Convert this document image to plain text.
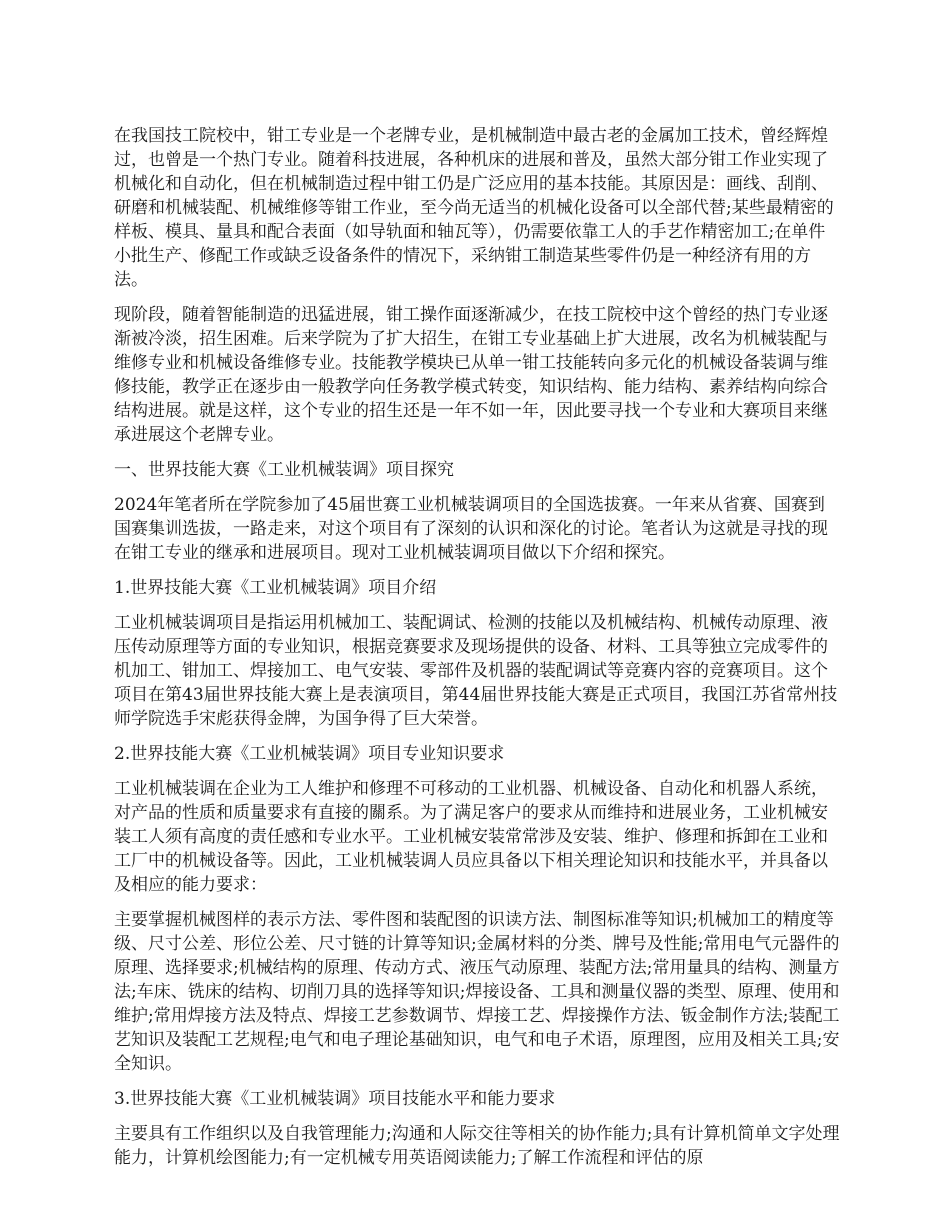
在我国技工院校中，钳工专业是一个老牌专业，是机械制造中最古老的金属加工技术，曾经辉煌过，也曾是一个热门专业。随着科技进展，各种机床的进展和普及，虽然大部分钳工作业实现了机械化和自动化，但在机械制造过程中钳工仍是广泛应用的基本技能。其原因是：画线、刮削、研磨和机械装配、机械维修等钳工作业，至今尚无适当的机械化设备可以全部代替;某些最精密的样板、模具、量具和配合表面（如导轨面和轴瓦等），仍需要依靠工人的手艺作精密加工;在单件小批生产、修配工作或缺乏设备条件的情况下，采纳钳工制造某些零件仍是一种经济有用的方法。

现阶段，随着智能制造的迅猛进展，钳工操作面逐渐减少，在技工院校中这个曾经的热门专业逐渐被冷淡，招生困难。后来学院为了扩大招生，在钳工专业基础上扩大进展，改名为机械装配与维修专业和机械设备维修专业。技能教学模块已从单一钳工技能转向多元化的机械设备装调与维修技能，教学正在逐步由一般教学向任务教学模式转变，知识结构、能力结构、素养结构向综合结构进展。就是这样，这个专业的招生还是一年不如一年，因此要寻找一个专业和大赛项目来继承进展这个老牌专业。

一、世界技能大赛《工业机械装调》项目探究

2024年笔者所在学院参加了45届世赛工业机械装调项目的全国选拔赛。一年来从省赛、国赛到国赛集训选拔，一路走来，对这个项目有了深刻的认识和深化的讨论。笔者认为这就是寻找的现在钳工专业的继承和进展项目。现对工业机械装调项目做以下介绍和探究。

1.世界技能大赛《工业机械装调》项目介绍

工业机械装调项目是指运用机械加工、装配调试、检测的技能以及机械结构、机械传动原理、液压传动原理等方面的专业知识，根据竞赛要求及现场提供的设备、材料、工具等独立完成零件的机加工、钳加工、焊接加工、电气安装、零部件及机器的装配调试等竞赛内容的竞赛项目。这个项目在第43届世界技能大赛上是表演项目，第44届世界技能大赛是正式项目，我国江苏省常州技师学院选手宋彪获得金牌，为国争得了巨大荣誉。

2.世界技能大赛《工业机械装调》项目专业知识要求

工业机械装调在企业为工人维护和修理不可移动的工业机器、机械设备、自动化和机器人系统，对产品的性质和质量要求有直接的關系。为了满足客户的要求从而维持和进展业务，工业机械安装工人须有高度的责任感和专业水平。工业机械安装常常涉及安装、维护、修理和拆卸在工业和工厂中的机械设备等。因此，工业机械装调人员应具备以下相关理论知识和技能水平，并具备以及相应的能力要求：

主要掌握机械图样的表示方法、零件图和装配图的识读方法、制图标准等知识;机械加工的精度等级、尺寸公差、形位公差、尺寸链的计算等知识;金属材料的分类、牌号及性能;常用电气元器件的原理、选择要求;机械结构的原理、传动方式、液压气动原理、装配方法;常用量具的结构、测量方法;车床、铣床的结构、切削刀具的选择等知识;焊接设备、工具和测量仪器的类型、原理、使用和维护;常用焊接方法及特点、焊接工艺参数调节、焊接工艺、焊接操作方法、钣金制作方法;装配工艺知识及装配工艺规程;电气和电子理论基础知识，电气和电子术语，原理图，应用及相关工具;安全知识。

3.世界技能大赛《工业机械装调》项目技能水平和能力要求

主要具有工作组织以及自我管理能力;沟通和人际交往等相关的协作能力;具有计算机简单文字处理能力，计算机绘图能力;有一定机械专用英语阅读能力;了解工作流程和评估的原
